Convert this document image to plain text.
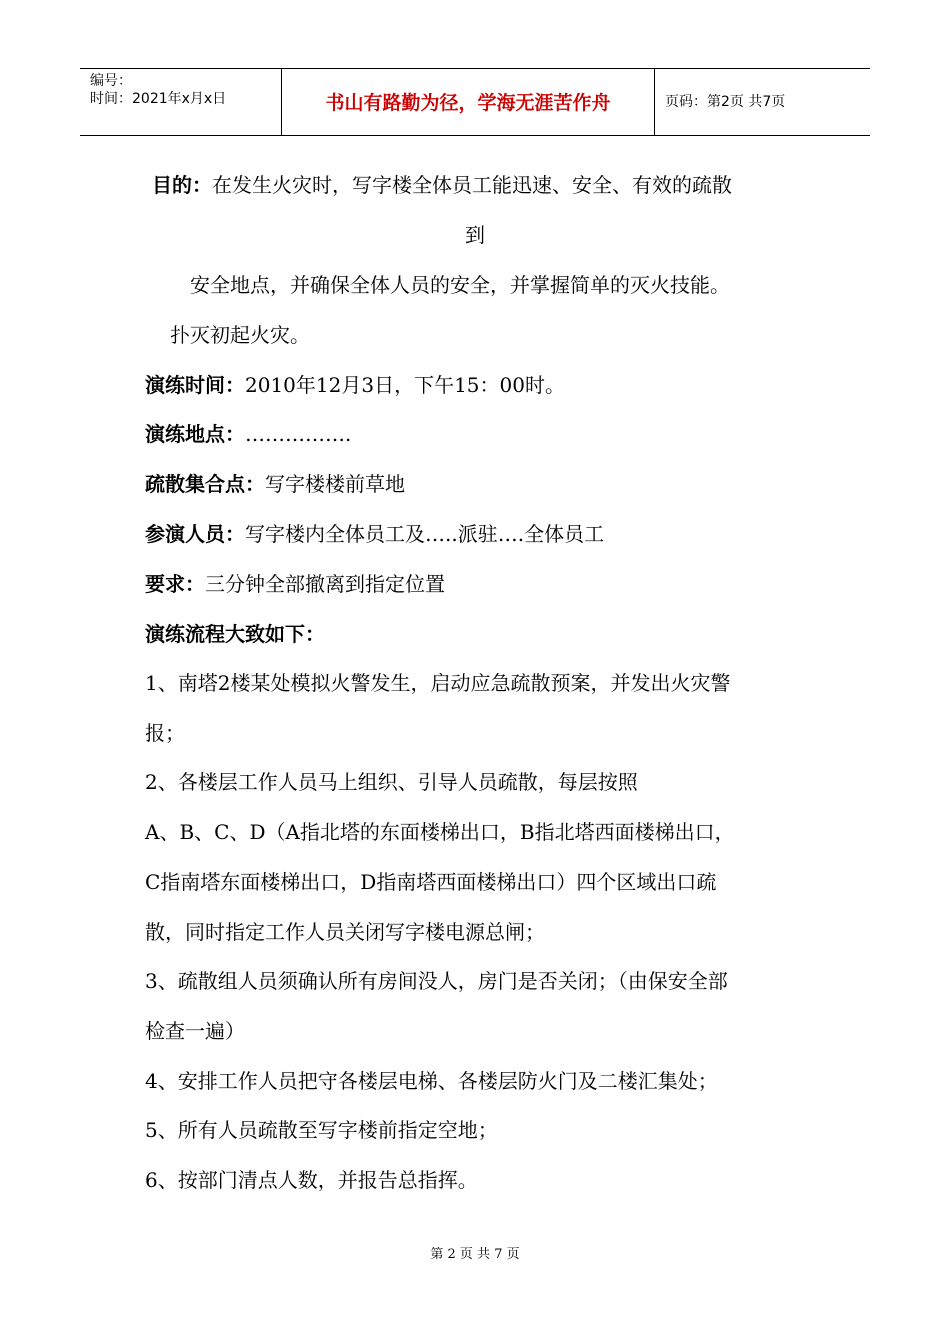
编号：
时间：2021年x月x日	书山有路勤为径，学海无涯苦作舟	页码：第2页 共7页
目的：在发生火灾时，写字楼全体员工能迅速、安全、有效的疏散
到
安全地点，并确保全体人员的安全，并掌握简单的灭火技能。
扑灭初起火灾。
演练时间：2010年12月3日，下午15：00时。
演练地点：…………….
疏散集合点：写字楼楼前草地
参演人员：写字楼内全体员工及…..派驻….全体员工
要求：三分钟全部撤离到指定位置
演练流程大致如下：
1、南塔2楼某处模拟火警发生，启动应急疏散预案，并发出火灾警
报；
2、各楼层工作人员马上组织、引导人员疏散，每层按照
A、B、C、D（A指北塔的东面楼梯出口，B指北塔西面楼梯出口，
C指南塔东面楼梯出口，D指南塔西面楼梯出口）四个区域出口疏
散，同时指定工作人员关闭写字楼电源总闸；
3、疏散组人员须确认所有房间没人，房门是否关闭；（由保安全部
检查一遍）
4、安排工作人员把守各楼层电梯、各楼层防火门及二楼汇集处；
5、所有人员疏散至写字楼前指定空地；
6、按部门清点人数，并报告总指挥。
第 2 页 共 7 页
